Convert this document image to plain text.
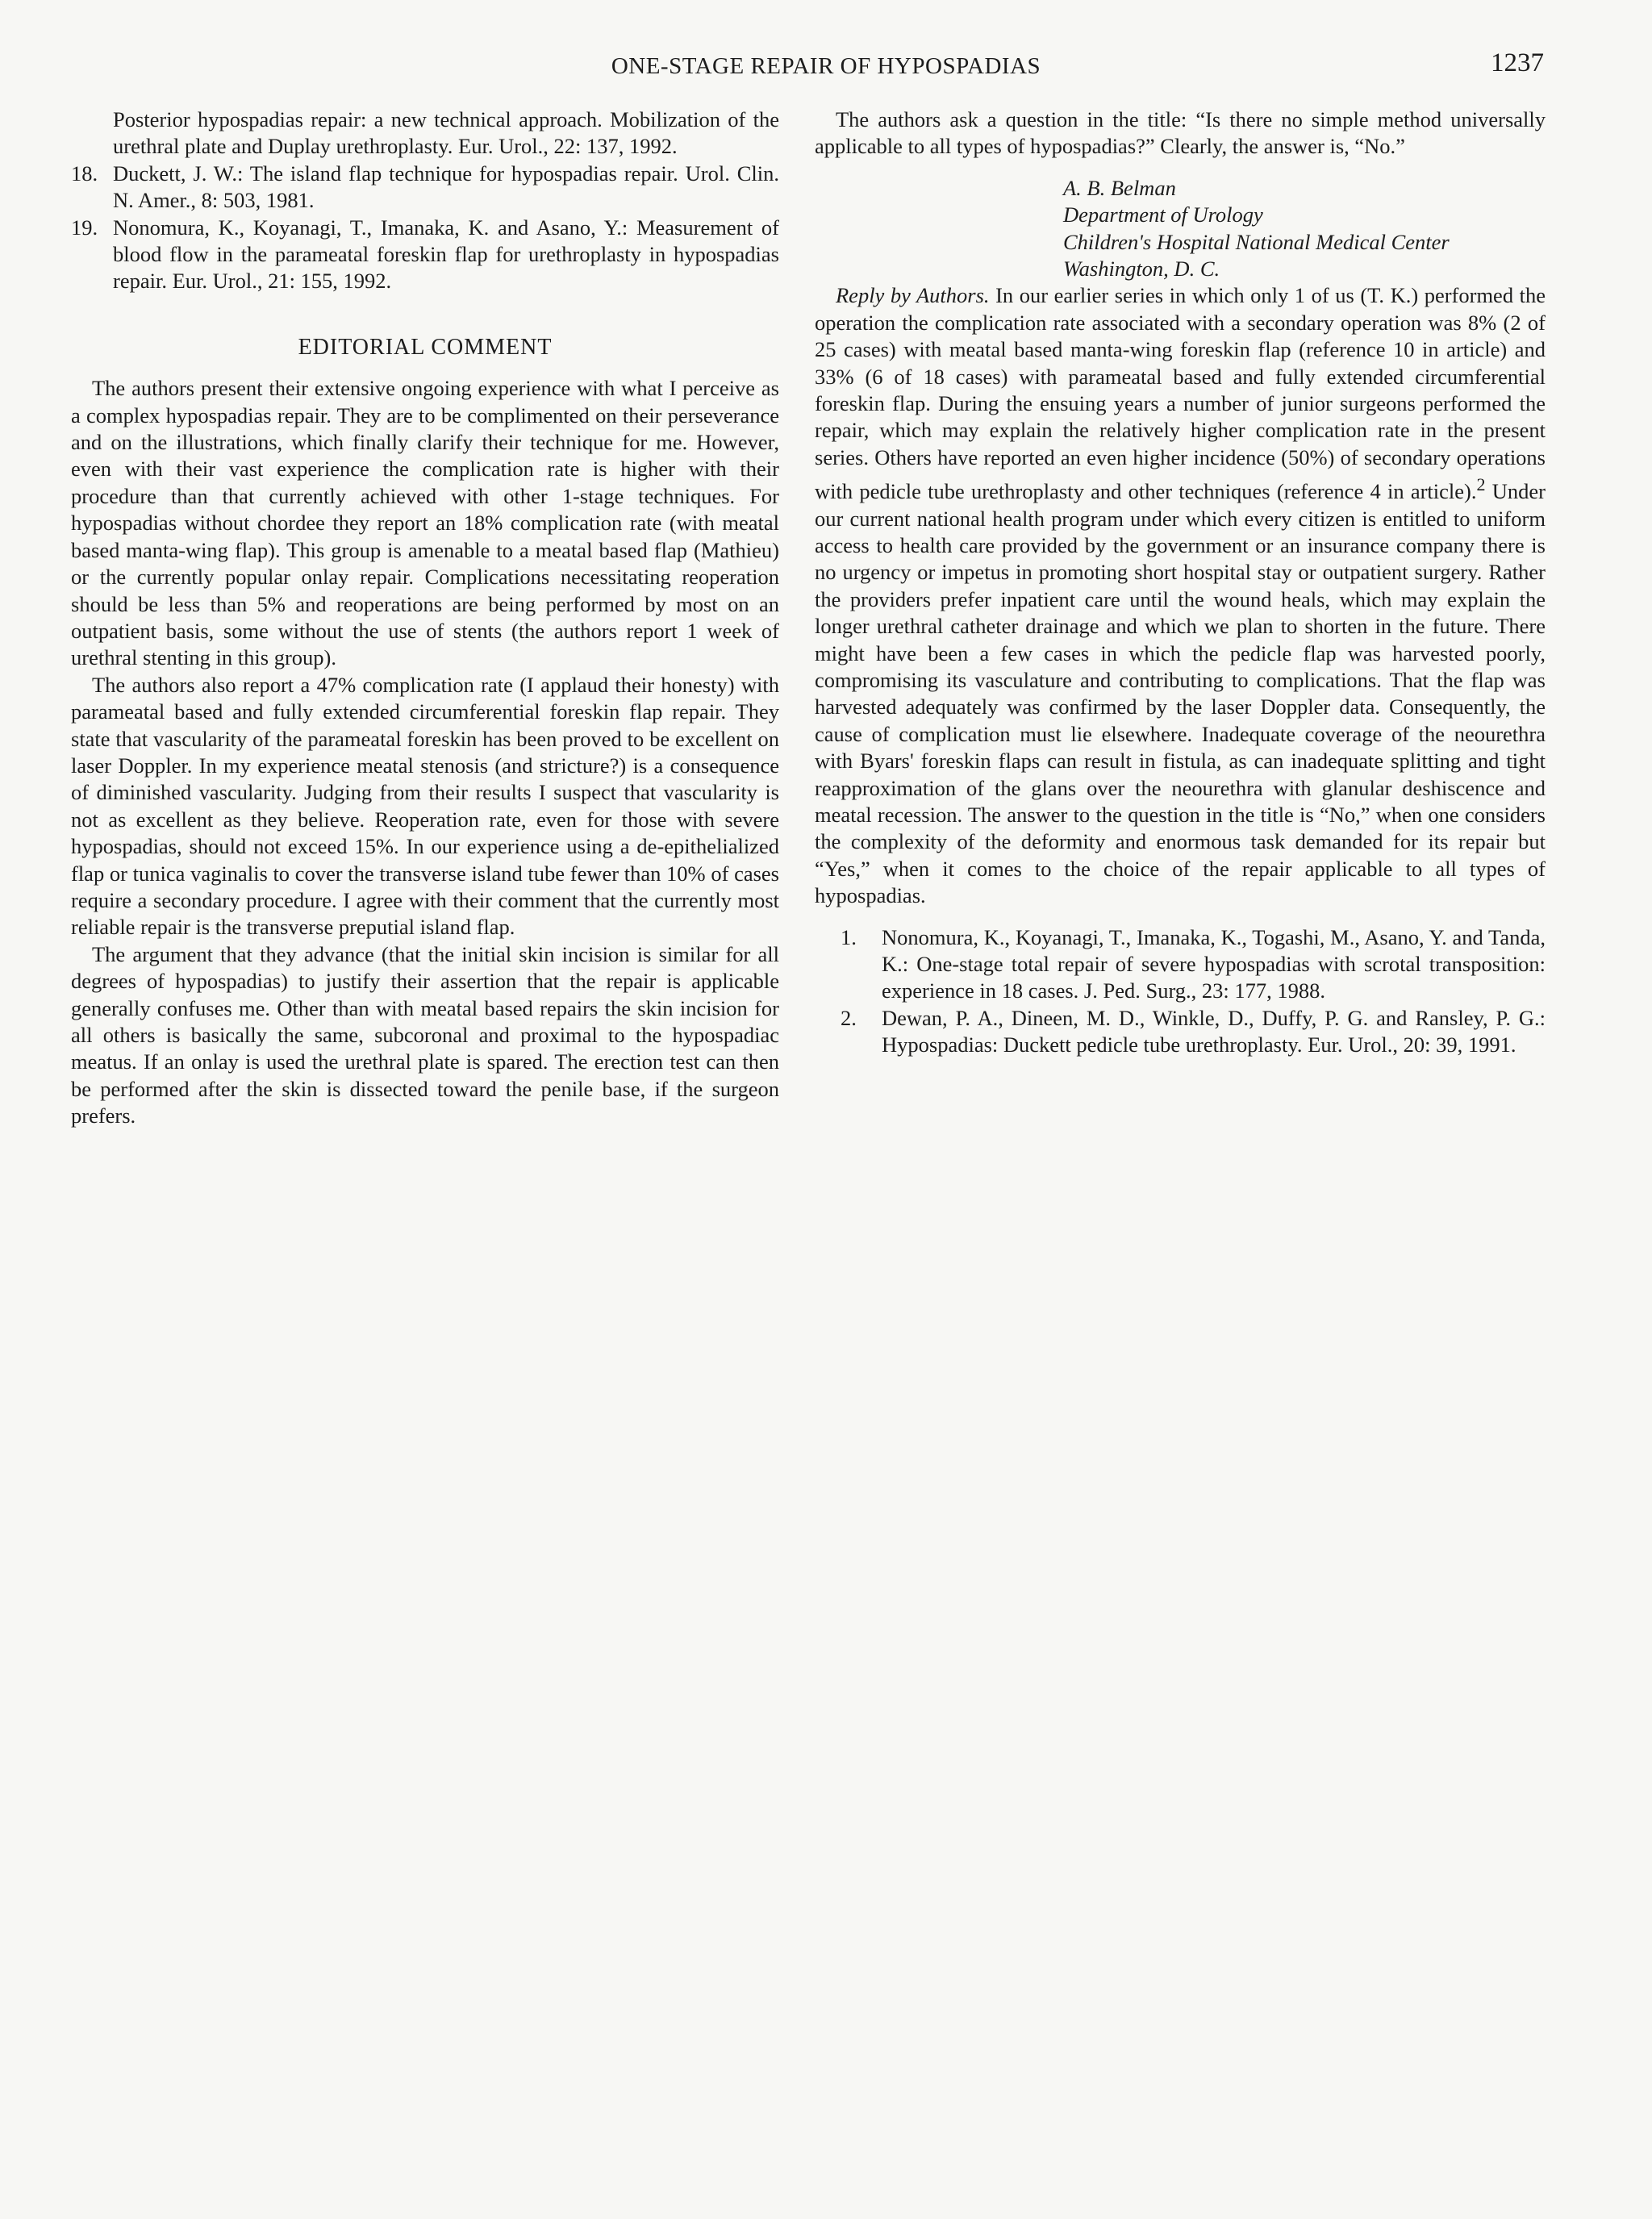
ONE-STAGE REPAIR OF HYPOSPADIAS	1237

Posterior hypospadias repair: a new technical approach. Mobilization of the urethral plate and Duplay urethroplasty. Eur. Urol., 22: 137, 1992.

18. Duckett, J. W.: The island flap technique for hypospadias repair. Urol. Clin. N. Amer., 8: 503, 1981.

19. Nonomura, K., Koyanagi, T., Imanaka, K. and Asano, Y.: Measurement of blood flow in the parameatal foreskin flap for urethroplasty in hypospadias repair. Eur. Urol., 21: 155, 1992.

EDITORIAL COMMENT

The authors present their extensive ongoing experience with what I perceive as a complex hypospadias repair. They are to be complimented on their perseverance and on the illustrations, which finally clarify their technique for me. However, even with their vast experience the complication rate is higher with their procedure than that currently achieved with other 1-stage techniques. For hypospadias without chordee they report an 18% complication rate (with meatal based manta-wing flap). This group is amenable to a meatal based flap (Mathieu) or the currently popular onlay repair. Complications necessitating reoperation should be less than 5% and reoperations are being performed by most on an outpatient basis, some without the use of stents (the authors report 1 week of urethral stenting in this group).

The authors also report a 47% complication rate (I applaud their honesty) with parameatal based and fully extended circumferential foreskin flap repair. They state that vascularity of the parameatal foreskin has been proved to be excellent on laser Doppler. In my experience meatal stenosis (and stricture?) is a consequence of diminished vascularity. Judging from their results I suspect that vascularity is not as excellent as they believe. Reoperation rate, even for those with severe hypospadias, should not exceed 15%. In our experience using a de-epithelialized flap or tunica vaginalis to cover the transverse island tube fewer than 10% of cases require a secondary procedure. I agree with their comment that the currently most reliable repair is the transverse preputial island flap.

The argument that they advance (that the initial skin incision is similar for all degrees of hypospadias) to justify their assertion that the repair is applicable generally confuses me. Other than with meatal based repairs the skin incision for all others is basically the same, subcoronal and proximal to the hypospadiac meatus. If an onlay is used the urethral plate is spared. The erection test can then be performed after the skin is dissected toward the penile base, if the surgeon prefers.

The authors ask a question in the title: “Is there no simple method universally applicable to all types of hypospadias?” Clearly, the answer is, “No.”

A. B. Belman
Department of Urology
Children's Hospital National Medical Center
Washington, D. C.

Reply by Authors. In our earlier series in which only 1 of us (T. K.) performed the operation the complication rate associated with a secondary operation was 8% (2 of 25 cases) with meatal based manta-wing foreskin flap (reference 10 in article) and 33% (6 of 18 cases) with parameatal based and fully extended circumferential foreskin flap. During the ensuing years a number of junior surgeons performed the repair, which may explain the relatively higher complication rate in the present series. Others have reported an even higher incidence (50%) of secondary operations with pedicle tube urethroplasty and other techniques (reference 4 in article).$^2$ Under our current national health program under which every citizen is entitled to uniform access to health care provided by the government or an insurance company there is no urgency or impetus in promoting short hospital stay or outpatient surgery. Rather the providers prefer inpatient care until the wound heals, which may explain the longer urethral catheter drainage and which we plan to shorten in the future. There might have been a few cases in which the pedicle flap was harvested poorly, compromising its vasculature and contributing to complications. That the flap was harvested adequately was confirmed by the laser Doppler data. Consequently, the cause of complication must lie elsewhere. Inadequate coverage of the neourethra with Byars' foreskin flaps can result in fistula, as can inadequate splitting and tight reapproximation of the glans over the neourethra with glanular deshiscence and meatal recession. The answer to the question in the title is “No,” when one considers the complexity of the deformity and enormous task demanded for its repair but “Yes,” when it comes to the choice of the repair applicable to all types of hypospadias.

1. Nonomura, K., Koyanagi, T., Imanaka, K., Togashi, M., Asano, Y. and Tanda, K.: One-stage total repair of severe hypospadias with scrotal transposition: experience in 18 cases. J. Ped. Surg., 23: 177, 1988.

2. Dewan, P. A., Dineen, M. D., Winkle, D., Duffy, P. G. and Ransley, P. G.: Hypospadias: Duckett pedicle tube urethroplasty. Eur. Urol., 20: 39, 1991.
